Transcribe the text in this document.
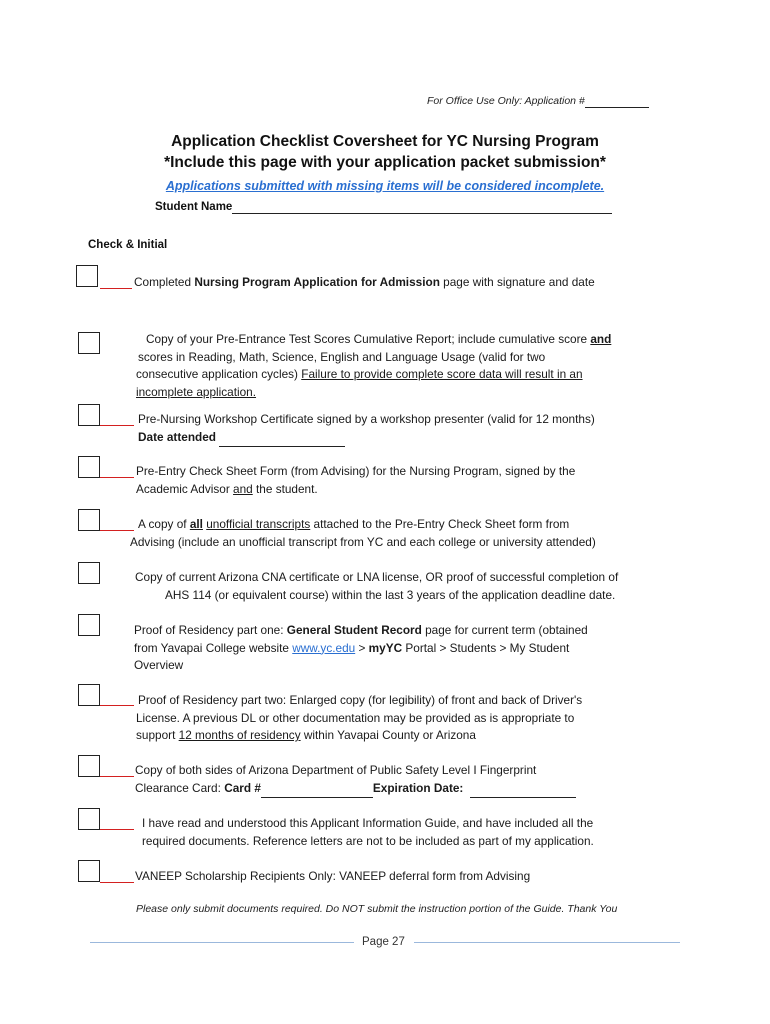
For Office Use Only: Application #
Application Checklist Coversheet for YC Nursing Program
*Include this page with your application packet submission*
Applications submitted with missing items will be considered incomplete.
Student Name
Check & Initial
Completed Nursing Program Application for Admission page with signature and date
Copy of your Pre-Entrance Test Scores Cumulative Report; include cumulative score and
scores in Reading, Math, Science, English and Language Usage (valid for two
consecutive application cycles) Failure to provide complete score data will result in an
incomplete application.
Pre-Nursing Workshop Certificate signed by a workshop presenter (valid for 12 months)
Date attended
Pre-Entry Check Sheet Form (from Advising) for the Nursing Program, signed by the
Academic Advisor and the student.
A copy of all unofficial transcripts attached to the Pre-Entry Check Sheet form from
Advising (include an unofficial transcript from YC and each college or university attended)
Copy of current Arizona CNA certificate or LNA license, OR proof of successful completion of
AHS 114 (or equivalent course) within the last 3 years of the application deadline date.
Proof of Residency part one: General Student Record page for current term (obtained
from Yavapai College website www.yc.edu > myYC Portal > Students > My Student
Overview
Proof of Residency part two: Enlarged copy (for legibility) of front and back of Driver's
License. A previous DL or other documentation may be provided as is appropriate to
support 12 months of residency within Yavapai County or Arizona
Copy of both sides of Arizona Department of Public Safety Level I Fingerprint
Clearance Card: Card #	Expiration Date:
I have read and understood this Applicant Information Guide, and have included all the
required documents. Reference letters are not to be included as part of my application.
VANEEP Scholarship Recipients Only: VANEEP deferral form from Advising
Please only submit documents required. Do NOT submit the instruction portion of the Guide. Thank You
Page 27
